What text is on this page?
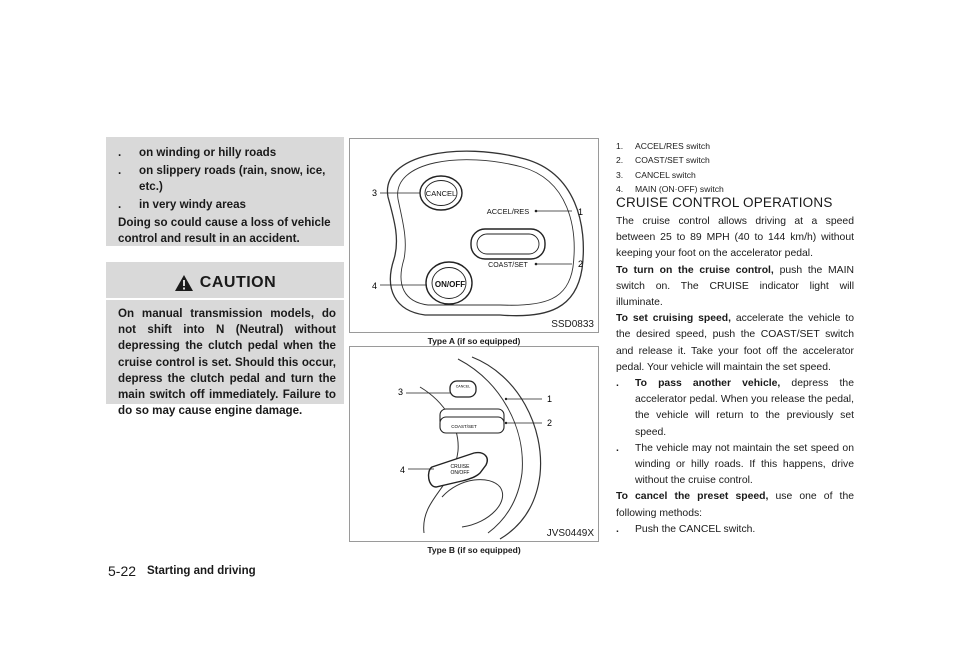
.	on winding or hilly roads
.	on slippery roads (rain, snow, ice, etc.)
.	in very windy areas
Doing so could cause a loss of vehicle control and result in an accident.
CAUTION
On manual transmission models, do not shift into N (Neutral) without depressing the clutch pedal when the cruise control is set. Should this occur, depress the clutch pedal and turn the main switch off immediately. Failure to do so may cause engine damage.
5-22 Starting and driving
CANCEL
ON/OFF
ACCEL/RES
COAST/SET
1
2
3
4
SSD0833
Type A (if so equipped)
CANCEL
COAST/SET
CRUISE
ON/OFF
1
2
3
4
JVS0449X
Type B (if so equipped)
1.	ACCEL/RES switch
2.	COAST/SET switch
3.	CANCEL switch
4.	MAIN (ON·OFF) switch
CRUISE CONTROL OPERATIONS

The cruise control allows driving at a speed between 25 to 89 MPH (40 to 144 km/h) without keeping your foot on the accelerator pedal.

To turn on the cruise control, push the MAIN switch on. The CRUISE indicator light will illuminate.

To set cruising speed, accelerate the vehicle to the desired speed, push the COAST/SET switch and release it. Take your foot off the accelerator pedal. Your vehicle will maintain the set speed.

.	To pass another vehicle, depress the accelerator pedal. When you release the pedal, the vehicle will return to the previously set speed.
.	The vehicle may not maintain the set speed on winding or hilly roads. If this happens, drive without the cruise control.

To cancel the preset speed, use one of the following methods:

.	Push the CANCEL switch.
